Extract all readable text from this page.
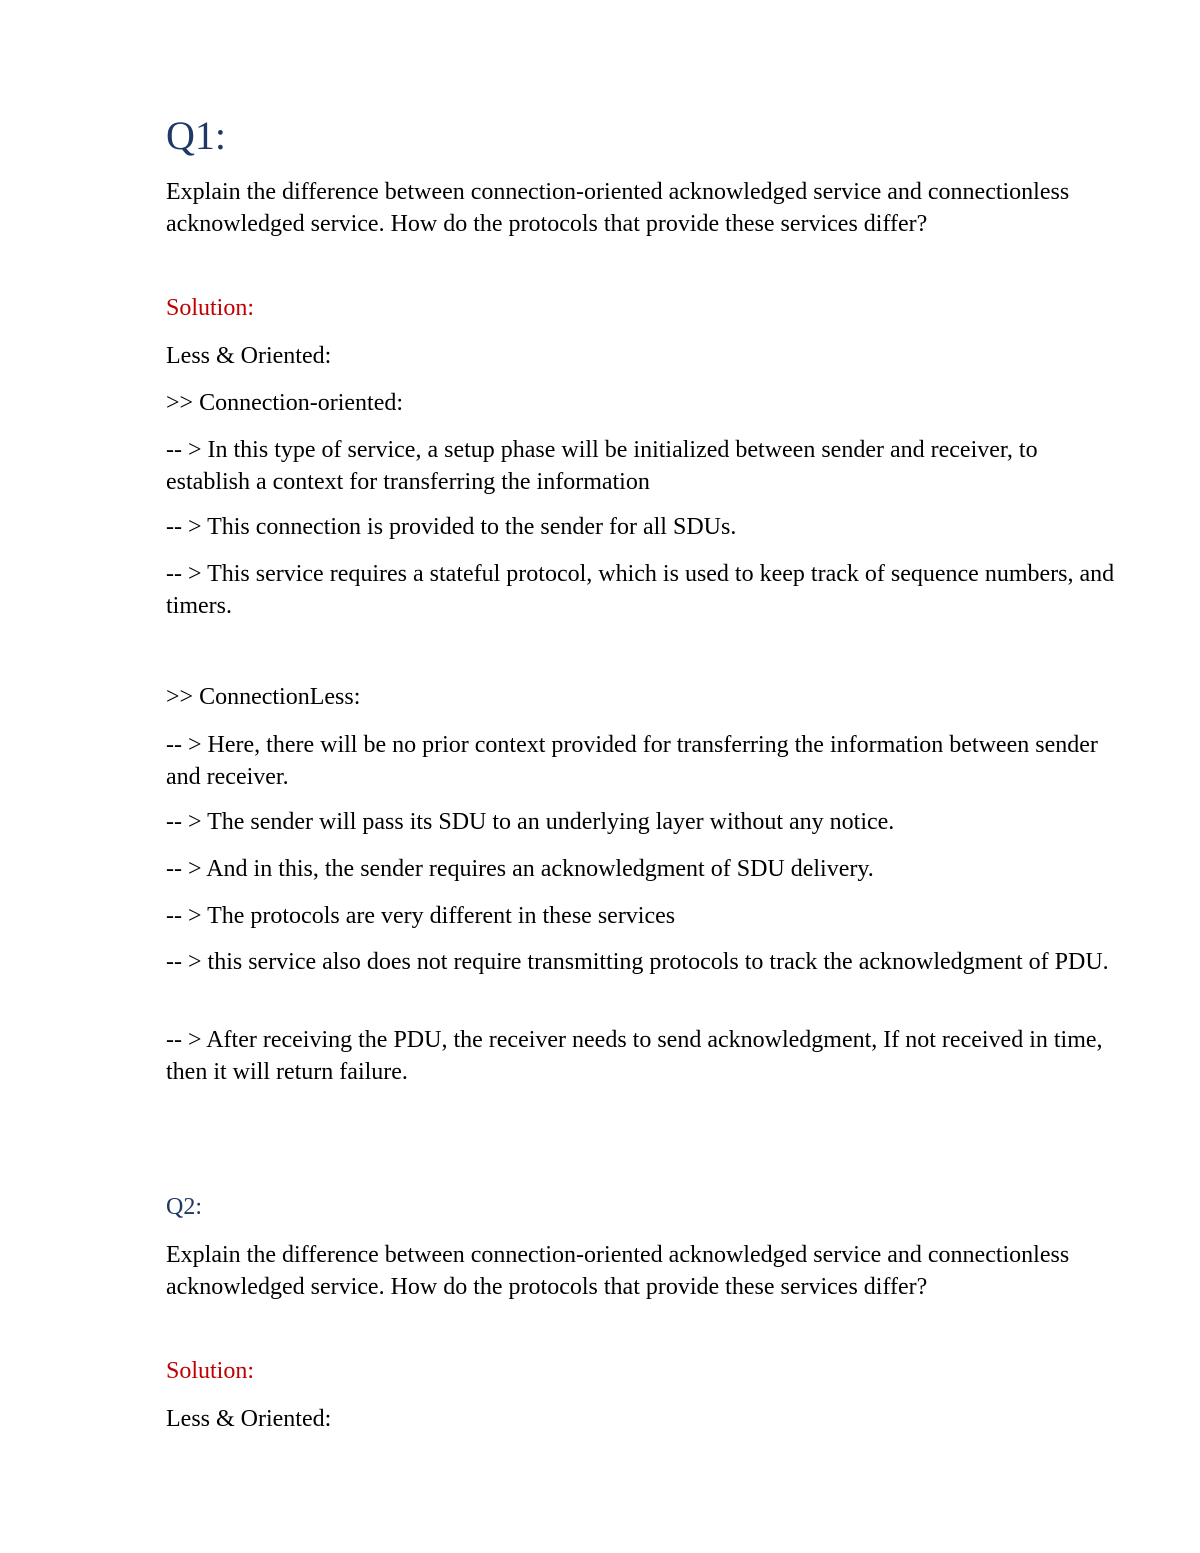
Q1:
Explain the difference between connection-oriented acknowledged service and connectionless acknowledged service. How do the protocols that provide these services differ?
Solution:
Less & Oriented:
>> Connection-oriented:
-- > In this type of service, a setup phase will be initialized between sender and receiver, to establish a context for transferring the information
-- > This connection is provided to the sender for all SDUs.
-- > This service requires a stateful protocol, which is used to keep track of sequence numbers, and timers.
>> ConnectionLess:
-- > Here, there will be no prior context provided for transferring the information between sender and receiver.
-- > The sender will pass its SDU to an underlying layer without any notice.
-- > And in this, the sender requires an acknowledgment of SDU delivery.
-- > The protocols are very different in these services
-- > this service also does not require transmitting protocols to track the acknowledgment of PDU.
-- > After receiving the PDU, the receiver needs to send acknowledgment, If not received in time, then it will return failure.
Q2:
Explain the difference between connection-oriented acknowledged service and connectionless acknowledged service. How do the protocols that provide these services differ?
Solution:
Less & Oriented:
